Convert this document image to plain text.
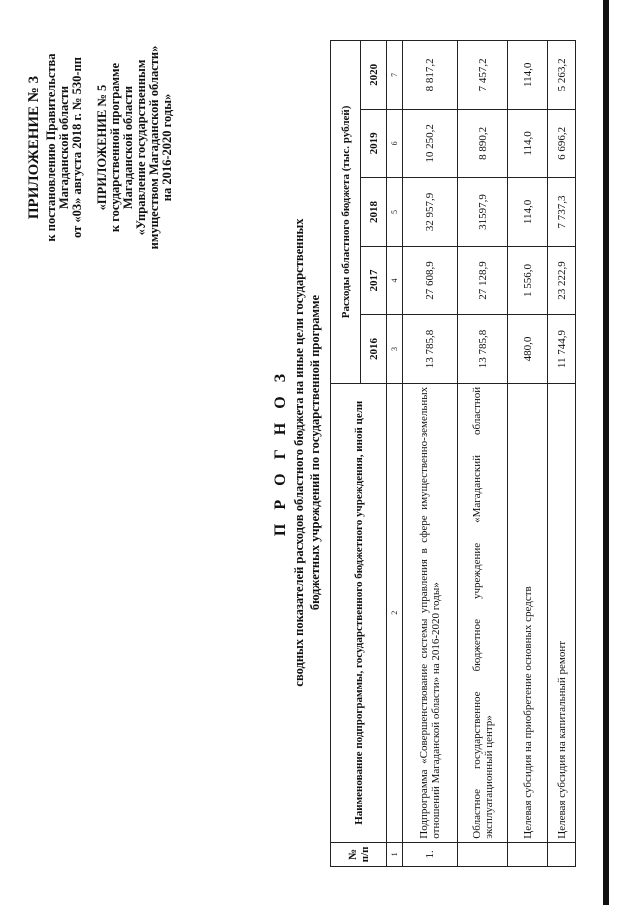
ПРИЛОЖЕНИЕ № 3 к постановлению Правительства Магаданской области от «03» августа 2018 г. № 530-пп «ПРИЛОЖЕНИЕ № 5 к государственной программе Магаданской области «Управление государственным имуществом Магаданской области» на 2016-2020 годы»
П Р О Г Н О З сводных показателей расходов областного бюджета на иные цели государственных бюджетных учреждений по государственной программе
№ п/п	Наименование подпрограммы, государственного бюджетного учреждения, иной цели	Расходы областного бюджета (тыс. рублей)				
		2016	2017	2018	2019	2020
1	2	3	4	5	6	7
1.	Подпрограмма «Совершенствование системы управления в сфере имущественно-земельных отношений Магаданской области» на 2016-2020 годы»	13 785,8	27 608,9	32 957,9	10 250,2	8 817,2
	Областное государственное бюджетное учреждение «Магаданский областной эксплуатационный центр»	13 785,8	27 128,9	31597,9	8 890,2	7 457,2
	Целевая субсидия на приобретение основных средств	480,0	1 556,0	114,0	114,0	114,0
	Целевая субсидия на капитальный ремонт	11 744,9	23 222,9	7 737,3	6 696,2	5 263,2
